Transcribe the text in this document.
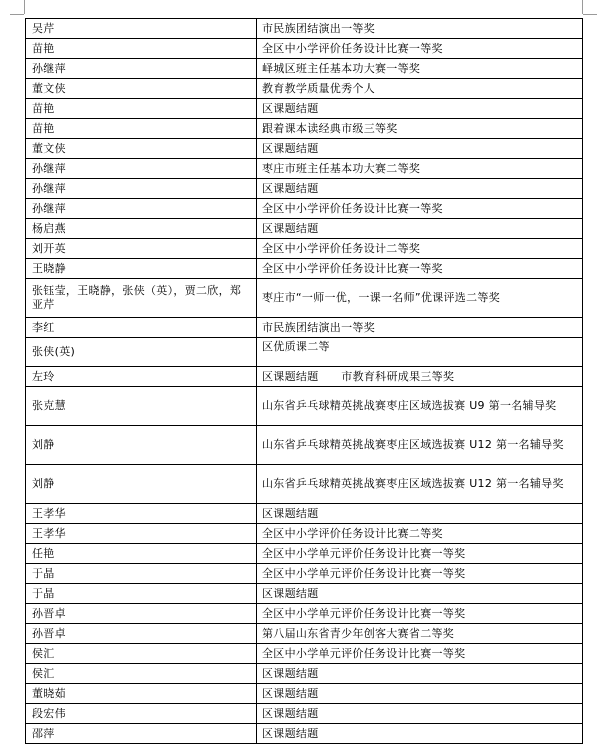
吴芹	市民族团结演出一等奖
苗艳	全区中小学评价任务设计比赛一等奖
孙继萍	峄城区班主任基本功大赛一等奖
董文侠	教育教学质量优秀个人
苗艳	区课题结题
苗艳	跟着课本读经典市级三等奖
董文侠	区课题结题
孙继萍	枣庄市班主任基本功大赛二等奖
孙继萍	区课题结题
孙继萍	全区中小学评价任务设计比赛一等奖
杨启燕	区课题结题
刘开英	全区中小学评价任务设计二等奖
王晓静	全区中小学评价任务设计比赛一等奖
张钰莹，王晓静，张侠（英），贾二欣，郑亚芹	枣庄市“一师一优，一课一名师”优课评选二等奖
李红	市民族团结演出一等奖
张侠(英)	区优质课二等
左玲	区课题结题      市教育科研成果三等奖
张克慧	山东省乒乓球精英挑战赛枣庄区域选拔赛 U9 第一名辅导奖
刘静	山东省乒乓球精英挑战赛枣庄区域选拔赛 U12 第一名辅导奖
刘静	山东省乒乓球精英挑战赛枣庄区域选拔赛 U12 第一名辅导奖
王孝华	区课题结题
王孝华	全区中小学评价任务设计比赛二等奖
任艳	全区中小学单元评价任务设计比赛一等奖
于晶	全区中小学单元评价任务设计比赛一等奖
于晶	区课题结题
孙晋卓	全区中小学单元评价任务设计比赛一等奖
孙晋卓	第八届山东省青少年创客大赛省二等奖
侯汇	全区中小学单元评价任务设计比赛一等奖
侯汇	区课题结题
董晓茹	区课题结题
段宏伟	区课题结题
邵萍	区课题结题
